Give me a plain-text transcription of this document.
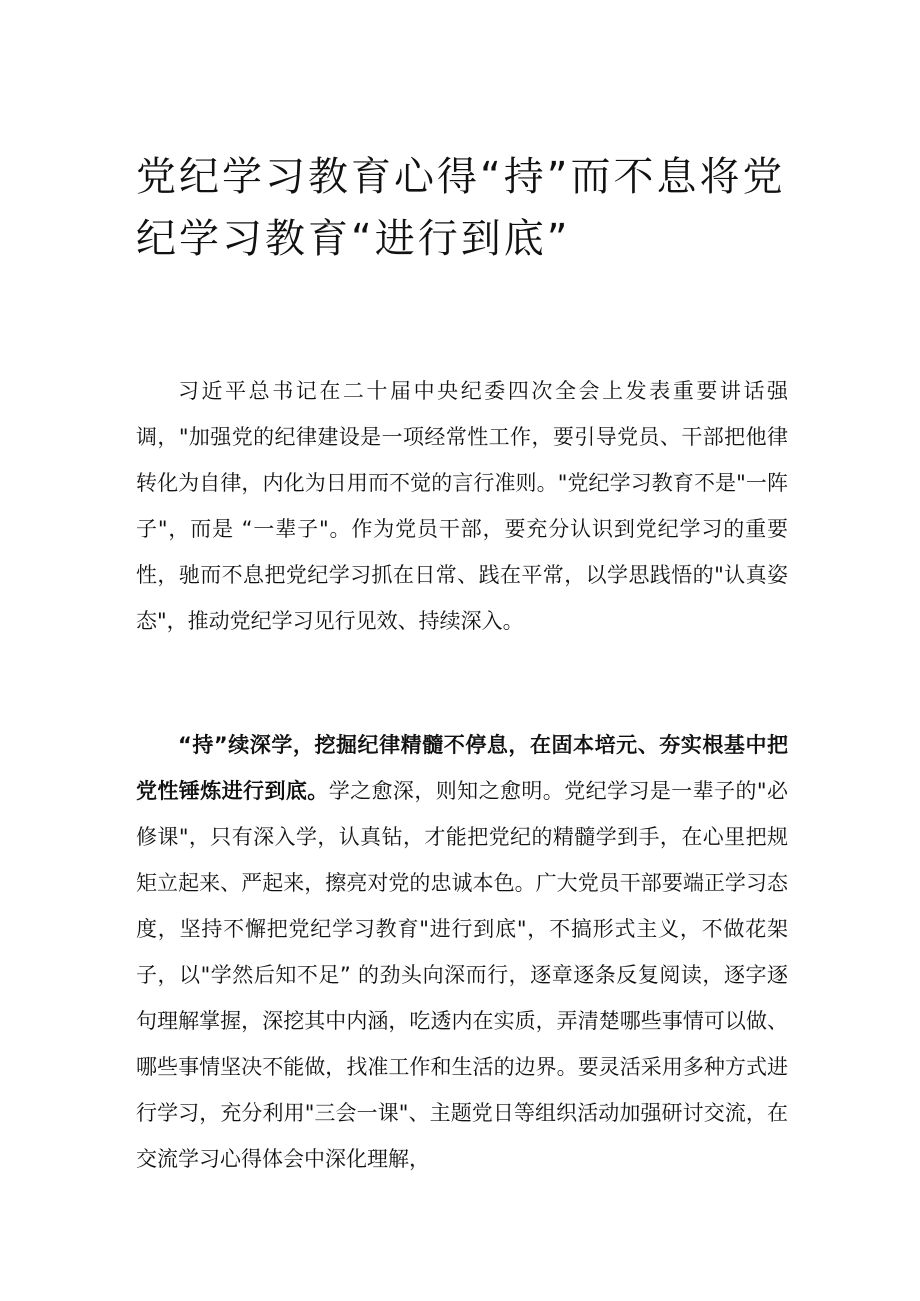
党纪学习教育心得“持”而不息将党纪学习教育“进行到底”

习近平总书记在二十届中央纪委四次全会上发表重要讲话强调，"加强党的纪律建设是一项经常性工作，要引导党员、干部把他律转化为自律，内化为日用而不觉的言行准则。"党纪学习教育不是"一阵子"，而是 “一辈子"。作为党员干部，要充分认识到党纪学习的重要性，驰而不息把党纪学习抓在日常、践在平常，以学思践悟的"认真姿态"，推动党纪学习见行见效、持续深入。

“持”续深学，挖掘纪律精髓不停息，在固本培元、夯实根基中把党性锤炼进行到底。学之愈深，则知之愈明。党纪学习是一辈子的"必修课"，只有深入学，认真钻，才能把党纪的精髓学到手，在心里把规矩立起来、严起来，擦亮对党的忠诚本色。广大党员干部要端正学习态度，坚持不懈把党纪学习教育"进行到底"，不搞形式主义，不做花架子，以"学然后知不足” 的劲头向深而行，逐章逐条反复阅读，逐字逐句理解掌握，深挖其中内涵，吃透内在实质，弄清楚哪些事情可以做、哪些事情坚决不能做，找准工作和生活的边界。要灵活采用多种方式进行学习，充分利用"三会一课"、主题党日等组织活动加强研讨交流，在交流学习心得体会中深化理解，
